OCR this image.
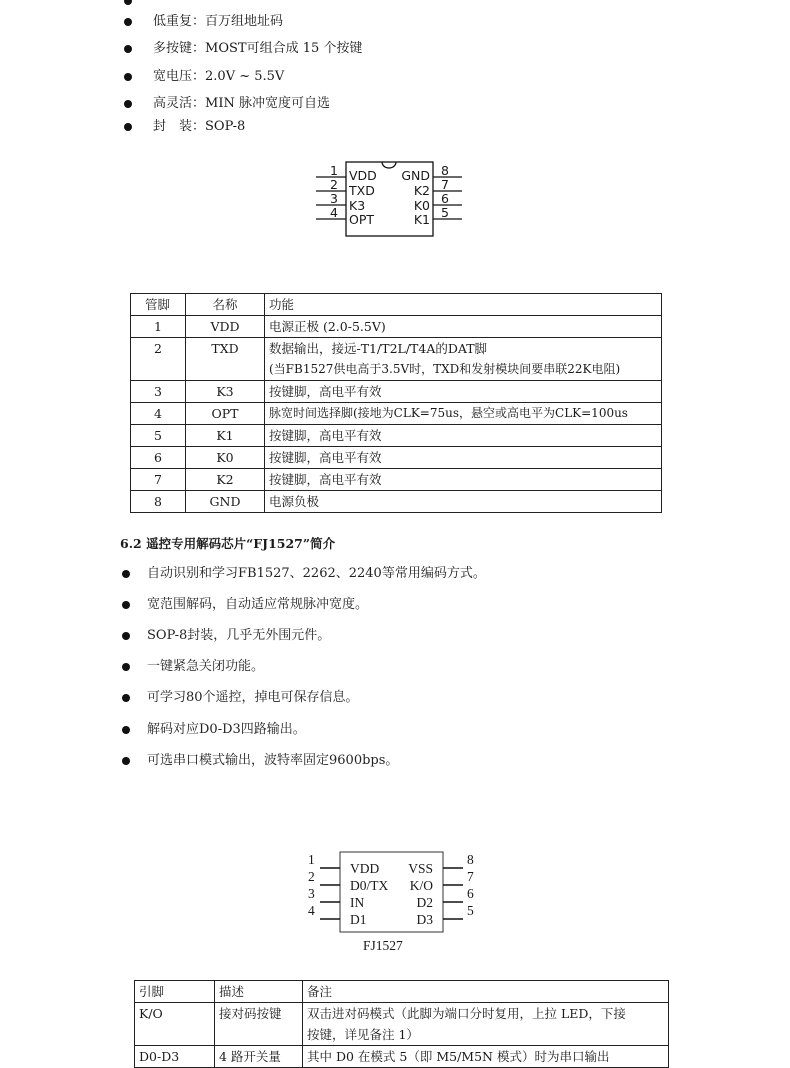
低重复：百万组地址码
多按键：MOST可组合成 15 个按键
宽电压：2.0V ~ 5.5V
高灵活：MIN 脉冲宽度可自选
封　装：SOP-8
1
2
3
4
8
7
6
5
VDD
TXD
K3
OPT
GND
K2
K0
K1
管脚	名称	功能
1	VDD	电源正极 (2.0-5.5V)
2	TXD	数据输出，接远-T1/T2L/T4A的DAT脚
(当FB1527供电高于3.5V时，TXD和发射模块间要串联22K电阻)

3	K3	按键脚，高电平有效
4	OPT	脉宽时间选择脚(接地为CLK=75us，悬空或高电平为CLK=100us
5	K1	按键脚，高电平有效
6	K0	按键脚，高电平有效
7	K2	按键脚，高电平有效
8	GND	电源负极
6.2 遥控专用解码芯片“FJ1527”简介
自动识别和学习FB1527、2262、2240等常用编码方式。
宽范围解码，自动适应常规脉冲宽度。
SOP-8封装，几乎无外围元件。
一键紧急关闭功能。
可学习80个遥控，掉电可保存信息。
解码对应D0-D3四路输出。
可选串口模式输出，波特率固定9600bps。
1
2
3
4
8
7
6
5
VDD
D0/TX
IN
D1
VSS
K/O
D2
D3
FJ1527
引脚	描述	备注
K/O	接对码按键	双击进对码模式（此脚为端口分时复用，上拉 LED，下接
按键，详见备注 1）

D0-D3	4 路开关量	其中 D0 在模式 5（即 M5/M5N 模式）时为串口输出
